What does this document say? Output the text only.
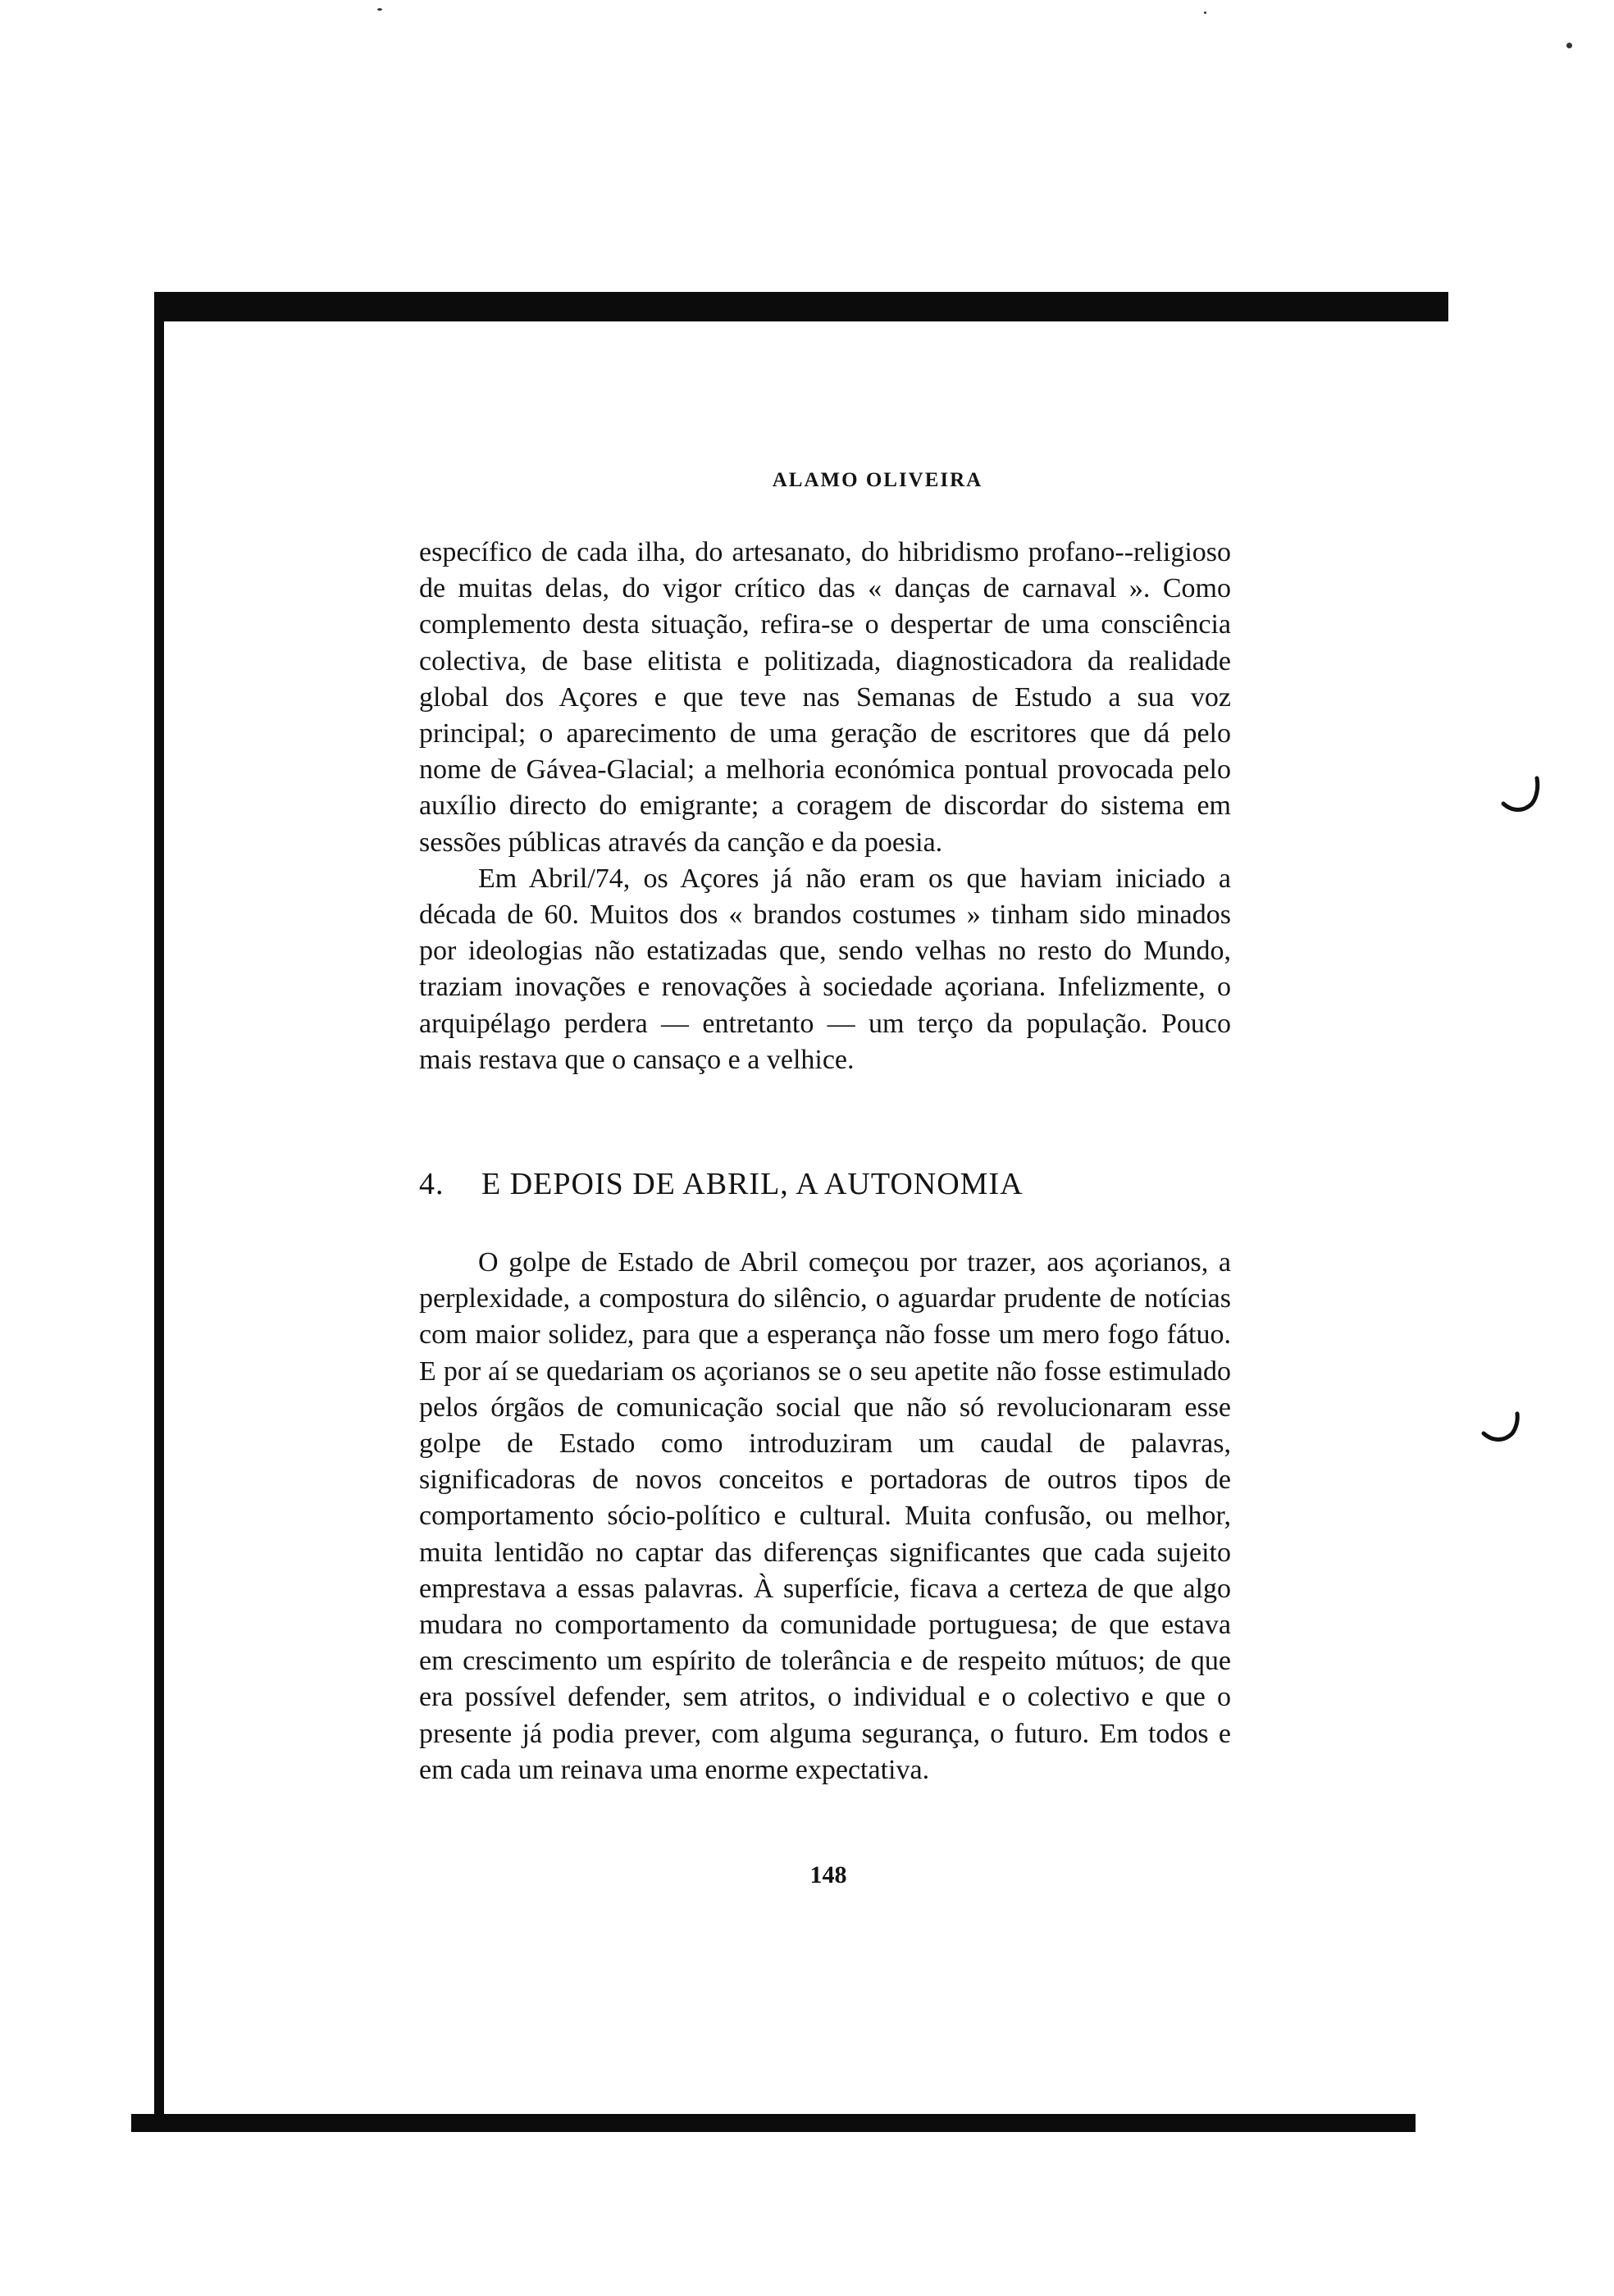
ALAMO OLIVEIRA

específico de cada ilha, do artesanato, do hibridismo profano--religioso de muitas delas, do vigor crítico das « danças de carnaval ». Como complemento desta situação, refira-se o despertar de uma consciência colectiva, de base elitista e politizada, diagnosticadora da realidade global dos Açores e que teve nas Semanas de Estudo a sua voz principal; o aparecimento de uma geração de escritores que dá pelo nome de Gávea-Glacial; a melhoria económica pontual provocada pelo auxílio directo do emigrante; a coragem de discordar do sistema em sessões públicas através da canção e da poesia.

Em Abril/74, os Açores já não eram os que haviam iniciado a década de 60. Muitos dos « brandos costumes » tinham sido minados por ideologias não estatizadas que, sendo velhas no resto do Mundo, traziam inovações e renovações à sociedade açoriana. Infelizmente, o arquipélago perdera — entretanto — um terço da população. Pouco mais restava que o cansaço e a velhice.

4. E DEPOIS DE ABRIL, A AUTONOMIA

O golpe de Estado de Abril começou por trazer, aos açorianos, a perplexidade, a compostura do silêncio, o aguardar prudente de notícias com maior solidez, para que a esperança não fosse um mero fogo fátuo. E por aí se quedariam os açorianos se o seu apetite não fosse estimulado pelos órgãos de comunicação social que não só revolucionaram esse golpe de Estado como introduziram um caudal de palavras, significadoras de novos conceitos e portadoras de outros tipos de comportamento sócio-político e cultural. Muita confusão, ou melhor, muita lentidão no captar das diferenças significantes que cada sujeito emprestava a essas palavras. À superfície, ficava a certeza de que algo mudara no comportamento da comunidade portuguesa; de que estava em crescimento um espírito de tolerância e de respeito mútuos; de que era possível defender, sem atritos, o individual e o colectivo e que o presente já podia prever, com alguma segurança, o futuro. Em todos e em cada um reinava uma enorme expectativa.

148
